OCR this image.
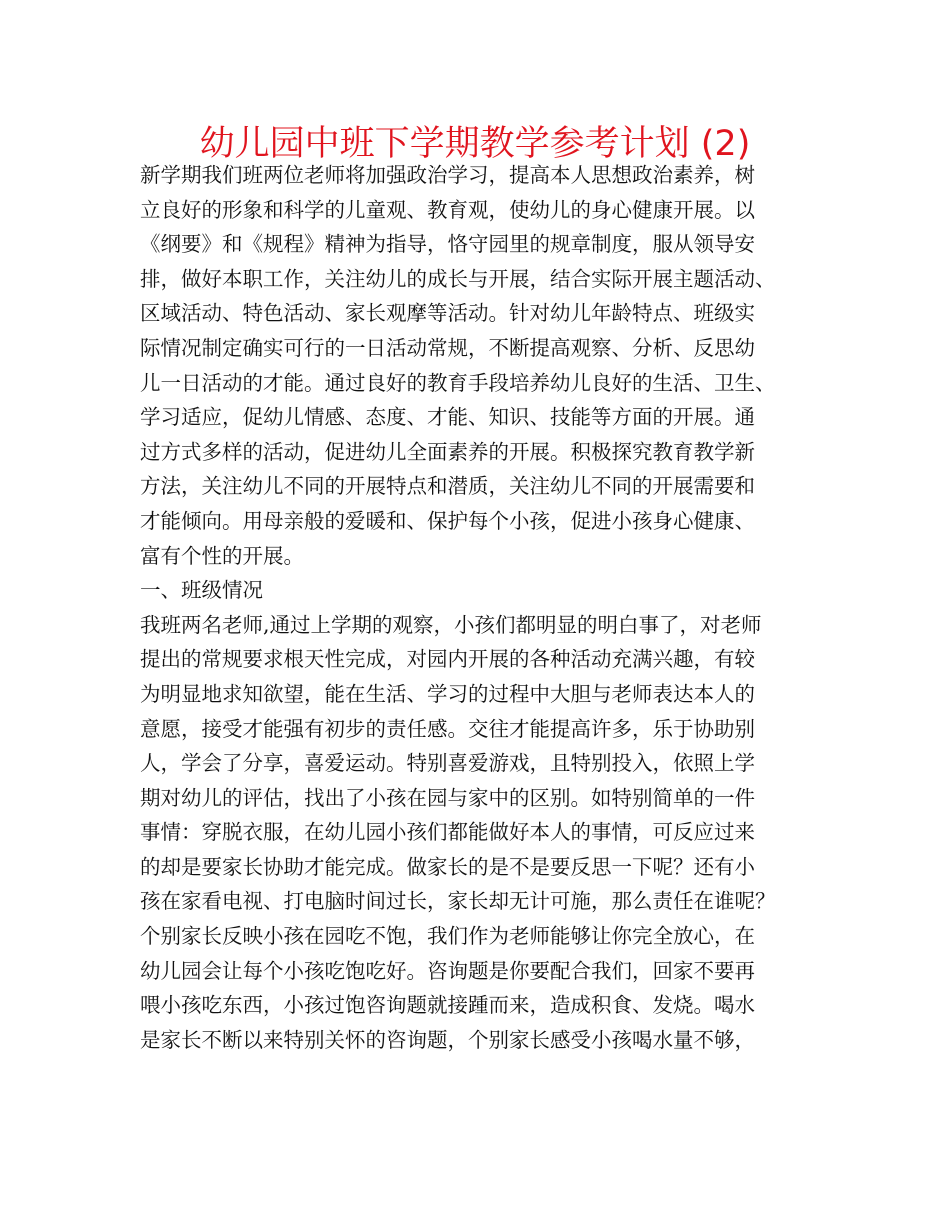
幼儿园中班下学期教学参考计划 (2)
新学期我们班两位老师将加强政治学习，提高本人思想政治素养，树
立良好的形象和科学的儿童观、教育观，使幼儿的身心健康开展。以
《纲要》和《规程》精神为指导，恪守园里的规章制度，服从领导安
排，做好本职工作，关注幼儿的成长与开展，结合实际开展主题活动、
区域活动、特色活动、家长观摩等活动。针对幼儿年龄特点、班级实
际情况制定确实可行的一日活动常规，不断提高观察、分析、反思幼
儿一日活动的才能。通过良好的教育手段培养幼儿良好的生活、卫生、
学习适应，促幼儿情感、态度、才能、知识、技能等方面的开展。通
过方式多样的活动，促进幼儿全面素养的开展。积极探究教育教学新
方法，关注幼儿不同的开展特点和潜质，关注幼儿不同的开展需要和
才能倾向。用母亲般的爱暖和、保护每个小孩，促进小孩身心健康、
富有个性的开展。
一、班级情况
我班两名老师,通过上学期的观察，小孩们都明显的明白事了，对老师
提出的常规要求根天性完成，对园内开展的各种活动充满兴趣，有较
为明显地求知欲望，能在生活、学习的过程中大胆与老师表达本人的
意愿，接受才能强有初步的责任感。交往才能提高许多，乐于协助别
人，学会了分享，喜爱运动。特别喜爱游戏，且特别投入，依照上学
期对幼儿的评估，找出了小孩在园与家中的区别。如特别简单的一件
事情：穿脱衣服，在幼儿园小孩们都能做好本人的事情，可反应过来
的却是要家长协助才能完成。做家长的是不是要反思一下呢？还有小
孩在家看电视、打电脑时间过长，家长却无计可施，那么责任在谁呢？
个别家长反映小孩在园吃不饱，我们作为老师能够让你完全放心，在
幼儿园会让每个小孩吃饱吃好。咨询题是你要配合我们，回家不要再
喂小孩吃东西，小孩过饱咨询题就接踵而来，造成积食、发烧。喝水
是家长不断以来特别关怀的咨询题，个别家长感受小孩喝水量不够，
